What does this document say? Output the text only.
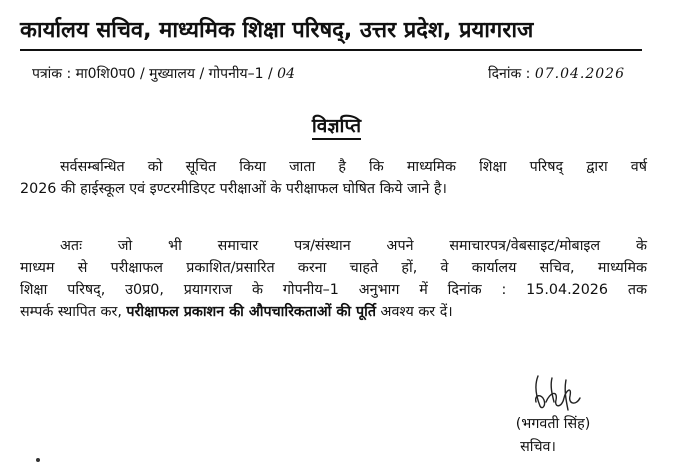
कार्यालय सचिव, माध्यमिक शिक्षा परिषद्, उत्तर प्रदेश, प्रयागराज
पत्रांक : मा0शि0प0 / मुख्यालय / गोपनीय–1 / 04	दिनांक : 07.04.2026
विज्ञप्ति
सर्वसम्बन्धित को सूचित किया जाता है कि माध्यमिक शिक्षा परिषद् द्वारा वर्ष
2026 की हाईस्कूल एवं इण्टरमीडिएट परीक्षाओं के परीक्षाफल घोषित किये जाने है।
अतः जो भी समाचार पत्र/संस्थान अपने समाचारपत्र/वेबसाइट/मोबाइल के
माध्यम से परीक्षाफल प्रकाशित/प्रसारित करना चाहते हों, वे कार्यालय सचिव, माध्यमिक
शिक्षा परिषद्, उ0प्र0, प्रयागराज के गोपनीय–1 अनुभाग में दिनांक : 15.04.2026 तक
सम्पर्क स्थापित कर, परीक्षाफल प्रकाशन की औपचारिकताओं की पूर्ति अवश्य कर दें।
(भगवती सिंह)
सचिव।
